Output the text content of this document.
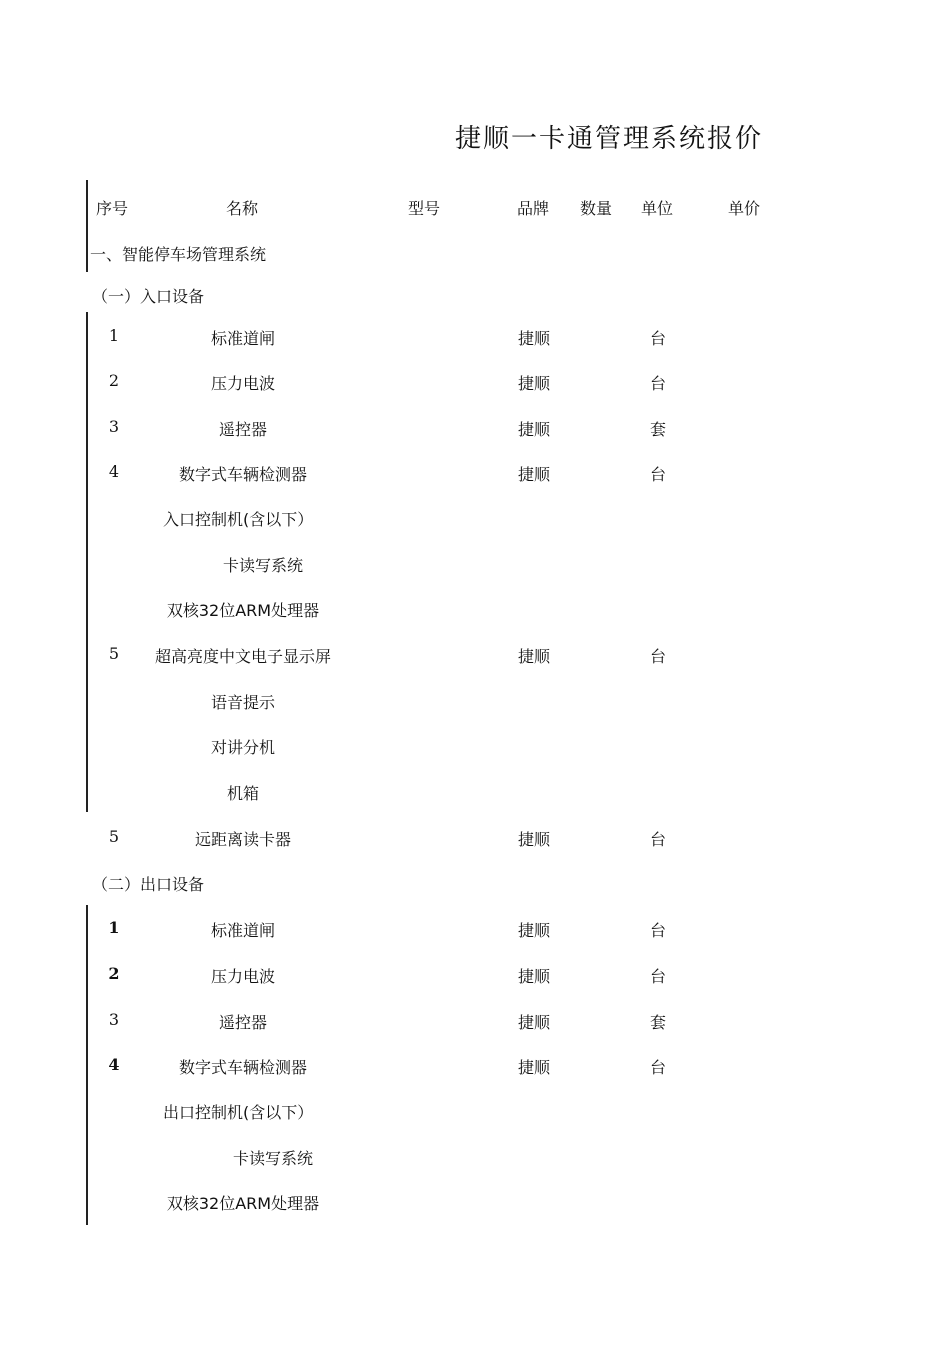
捷顺一卡通管理系统报价
序号	名称	型号	品牌 数量 单位	单价
一、智能停车场管理系统
（一）入口设备
1	标准道闸	捷顺	台
2	压力电波	捷顺	台
3	遥控器	捷顺	套
4	数字式车辆检测器	捷顺	台
入口控制机(含以下）
卡读写系统
双核32位ARM处理器
5	超高亮度中文电子显示屏	捷顺	台
语音提示
对讲分机
机箱
5	远距离读卡器	捷顺	台
（二）出口设备
1	标准道闸	捷顺	台
2	压力电波	捷顺	台
3	遥控器	捷顺	套
4	数字式车辆检测器	捷顺	台
出口控制机(含以下）
卡读写系统
双核32位ARM处理器
